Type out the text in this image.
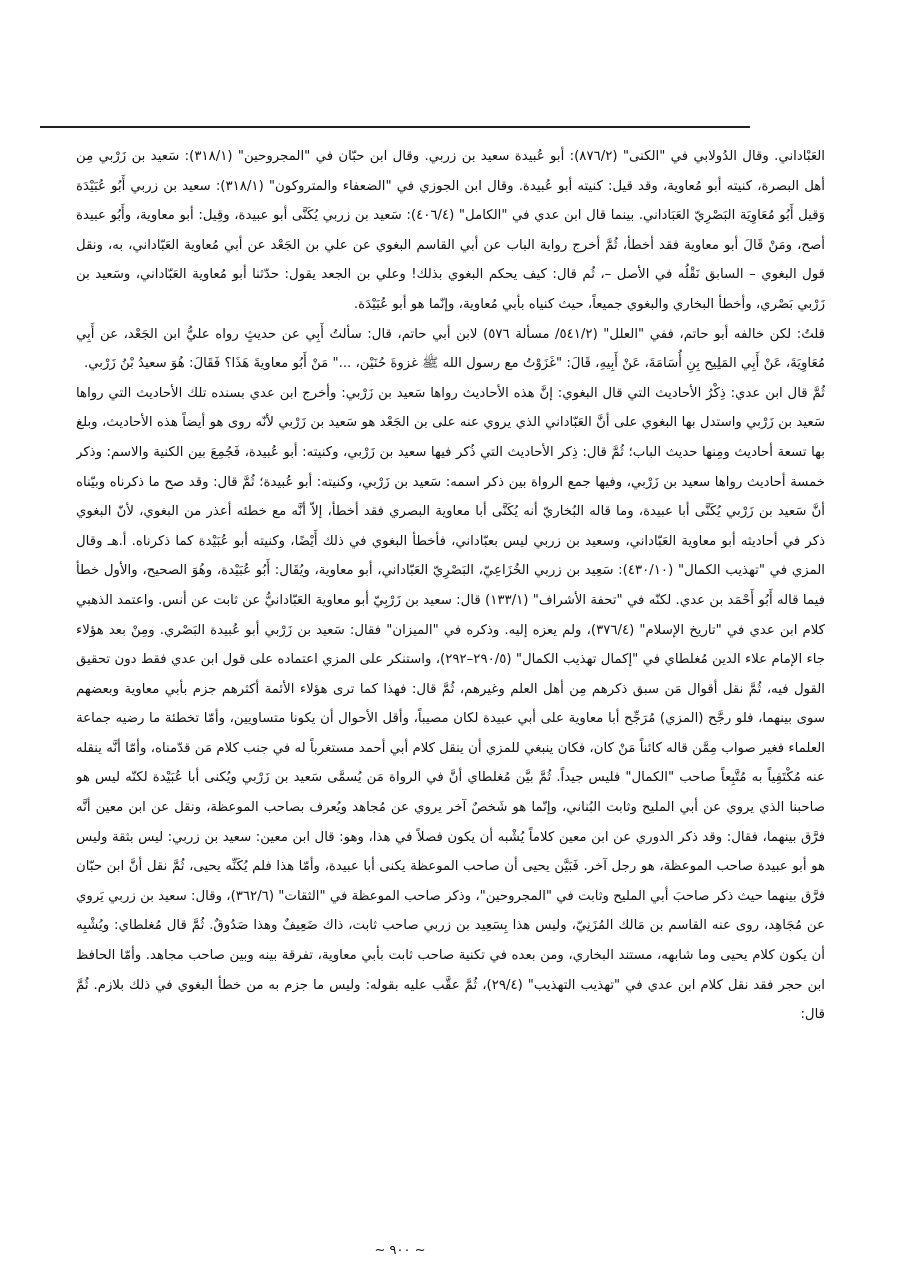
العَبْاداني. وقال الدُولابي في "الكنى" (٨٧٦/٢): أبو عُبيدة سعيد بن زربي. وقال ابن حبّان في "المجروحين" (٣١٨/١): سَعيد بن زَرْبي مِن أهل البصرة، كنيته أبو مُعاوية، وقد قيل: كنيته أبو عُبيدة. وقال ابن الجوزي في "الضعفاء والمتروكون" (٣١٨/١): سعيد بن زربي أَبُو عُبَيْدَة وَقيل أَبُو مُعَاوِيَة البَصْرِيّ العَبَاداني. بينما قال ابن عدي في "الكامل" (٤٠٦/٤): سَعيد بن زربي يُكَنَّى أبو عبيدة، وقِيل: أبو معاوية، وأَبُو عبيدة أصح، ومَنْ قَالَ أبو معاوية فقد أخطأ، ثُمَّ أخرج رواية الباب عن أبي القاسم البغوي عن علي بن الجَعْد عن أبي مُعاوية العَبّاداني، به، ونقل قول البغوي – السابق نَقْلُه في الأصل –، ثُم قال: كيف يحكم البغوي بذلك! وعلي بن الجعد يقول: حدّثنا أبو مُعاوية العَبّاداني، وسَعيد بن زَرْبي بَصْري، وأخطأ البخاري والبغوي جميعاً، حيث كنياه بأبي مُعاوية، وإنّما هو أبو عُبَيْدَة.

قلتُ: لكن خالفه أبو حاتم، ففي "العلل" (٥٤١/٢/ مسألة ٥٧٦) لابن أبي حاتم، قال: سألتُ أَبِي عن حديثٍ رواه عليُّ ابن الجَعْد، عن أَبِي مُعَاوِيَةَ، عَنْ أَبِي المَلِيح بِنِ أُسَامَةَ، عَنْ أَبِيهِ، قَالَ: "غَزَوْتُ مع رسول الله ﷺ غزوةَ حُنَيْن، ..." مَنْ أَبُو معاويةَ هَذَا؟ فَقَالَ: هُوَ سعيدُ بْنُ زَرْبي.

ثُمَّ قال ابن عدي: ذِكْرُ الأحاديث التي قال البغوي: إنَّ هذه الأحاديث رواها سَعيد بن زَرْبي: وأخرج ابن عدي بسنده تلك الأحاديث التي رواها سَعيد بن زَرْبي واستدل بها البغوي على أنَّ العَبّاداني الذي يروي عنه على بن الجَعْد هو سَعيد بن زَرْبي لأنّه روى هو أيضاً هذه الأحاديث، وبلغ بها تسعة أحاديث ومِنها حديث الباب؛ ثُمَّ قال: ذِكر الأحاديث التي ذُكر فيها سعيد بن زَرْبي، وكنيته: أبو عُبيدة، فَجُمِعَ بين الكنية والاسم: وذكر خمسة أحاديث رواها سعيد بن زَرْبي، وفيها جمع الرواة بين ذكر اسمه: سَعيد بن زَرْبي، وكنيته: أبو عُبيدة؛ ثُمَّ قال: وقد صح ما ذكرناه وبيّناه أنَّ سَعيد بن زَرْبي يُكَنَّى أبا عبيدة، وما قاله البُخاريّ أنه يُكَنَّى أبا معاوية البصري فقد أخطأ، إلاّ أنَّه مع خطئه أعذر من البغوي، لأنّ البغوي ذكر في أحاديثه أبو معاوية العَبّاداني، وسعيد بن زربي ليس بعبّاداني، فأخطأ البغوي في ذلك أَيْضًا، وكنيته أبو عُبَيْدة كما ذكرناه. أ.هـ وقال المزي في "تهذيب الكمال" (٤٣٠/١٠): سَعِيد بن زربي الخُزَاعِيّ، البَصْرِيّ العَبّاداني، أبو معاوية، ويُقَال: أَبُو عُبَيْدة، وهُوَ الصحيح، والأول خطأ فيما قاله أَبُو أَحْمَد بن عدي. لكنّه في "تحفة الأشراف" (١٣٣/١) قال: سعيد بن زَرْبِيّ أبو معاوية العَبّادانيُّ عن ثابت عن أنس. واعتمد الذهبي كلام ابن عدي في "تاريخ الإسلام" (٣٧٦/٤)، ولم يعزه إليه. وذكره في "الميزان" فقال: سَعيد بن زَرْبي أبو عُبيدة البَصْري. ومِنْ بعد هؤلاء جاء الإمام علاء الدين مُغلطاي في "إكمال تهذيب الكمال" (٢٩٠/٥–٢٩٢)، واستنكر على المزي اعتماده على قول ابن عدي فقط دون تحقيق القول فيه، ثُمَّ نقل أقوال مَن سبق ذكرهم مِن أهل العلم وغيرهم، ثُمَّ قال: فهذا كما ترى هؤلاء الأئمة أكثرهم جزم بأبي معاوية وبعضهم سوى بينهما، فلو رجَّح (المزي) مُرَجِّح أبا معاوية على أبي عبيدة لكان مصيباً، وأقل الأحوال أن يكونا متساويين، وأمّا تخطئة ما رضيه جماعة العلماء فغير صواب مِمَّن قاله كائناً مَنْ كان، فكان ينبغي للمزي أن ينقل كلام أبي أحمد مستغرباً له في جنب كلام مَن قدّمناه، وأمّا أنَّه ينقله عنه مُكْتَفِياً به مُتَّبِعاً صاحب "الكمال" فليس جيداً. ثُمَّ بيَّن مُغلطاي أنَّ في الرواة مَن يُسمَّى سَعيد بن زَرْبي ويُكنى أبا عُبَيْدة لكنّه ليس هو صاحبنا الذي يروي عن أبي المليح وثابت البُناني، وإنّما هو شَخصٌ آخر يروي عن مُجاهد ويُعرف بصاحب الموعظة، ونقل عن ابن معين أنَّه فرَّق بينهما، فقال: وقد ذكر الدوري عن ابن معين كلاماً يُشْبه أن يكون فصلاً في هذا، وهو: قال ابن معين: سعيد بن زربي: ليس بثقة وليس هو أبو عبيدة صاحب الموعظة، هو رجل آخر. فَبَيَّن يحيى أن صاحب الموعظة يكنى أبا عبيدة، وأمّا هذا فلم يُكَنِّه يحيى، ثُمَّ نقل أنَّ ابن حبّان فرَّق بينهما حيث ذكر صاحبَ أبي المليح وثابت في "المجروحين"، وذكر صاحب الموعظة في "الثقات" (٣٦٢/٦)، وقال: سعيد بن زربي يَروي عن مُجَاهِد، روى عنه القاسم بن مَالك المُزَنِيّ، وليس هذا بِسَعِيد بن زربي صاحب ثابت، ذاك ضَعِيفٌ وهذا صَدُوقٌ. ثُمَّ قال مُغلطاي: ويُشْبِه أن يكون كلام يحيى وما شابهه، مستند البخاري، ومن بعده في تكنية صاحب ثابت بأبي معاوية، تفرقة بينه وبين صاحب مجاهد. وأمّا الحافظ ابن حجر فقد نقل كلام ابن عدي في "تهذيب التهذيب" (٢٩/٤)، ثُمَّ عقَّب عليه بقوله: وليس ما جزم به من خطأ البغوي في ذلك بلازم. ثُمَّ قال:

~ ٩٠٠ ~
